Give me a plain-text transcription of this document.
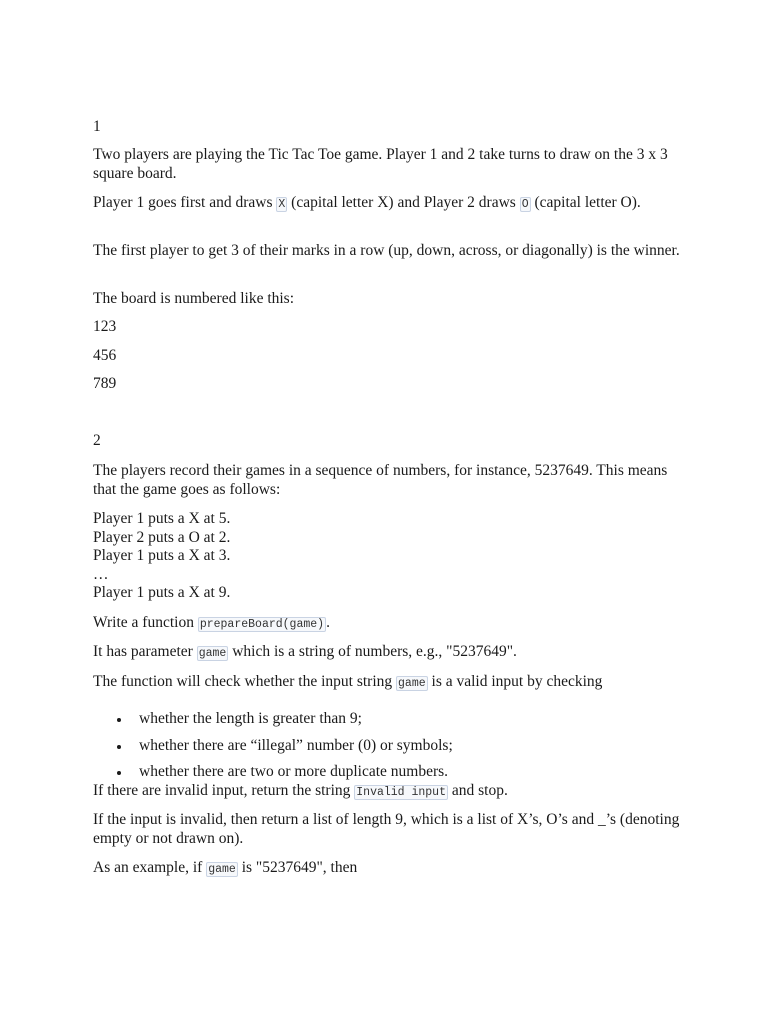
1

Two players are playing the Tic Tac Toe game. Player 1 and 2 take turns to draw on the 3 x 3 square board.

Player 1 goes first and draws X (capital letter X) and Player 2 draws O (capital letter O).

The first player to get 3 of their marks in a row (up, down, across, or diagonally) is the winner.

The board is numbered like this:

123

456

789

2

The players record their games in a sequence of numbers, for instance, 5237649. This means that the game goes as follows:

Player 1 puts a X at 5.
Player 2 puts a O at 2.
Player 1 puts a X at 3.
…
Player 1 puts a X at 9.

Write a function prepareBoard(game) .

It has parameter game which is a string of numbers, e.g., "5237649".

The function will check whether the input string game is a valid input by checking

whether the length is greater than 9;
whether there are “illegal” number (0) or symbols;
whether there are two or more duplicate numbers.

If there are invalid input, return the string Invalid input and stop.

If the input is invalid, then return a list of length 9, which is a list of X’s, O’s and _’s (denoting empty or not drawn on).

As an example, if game is "5237649", then
